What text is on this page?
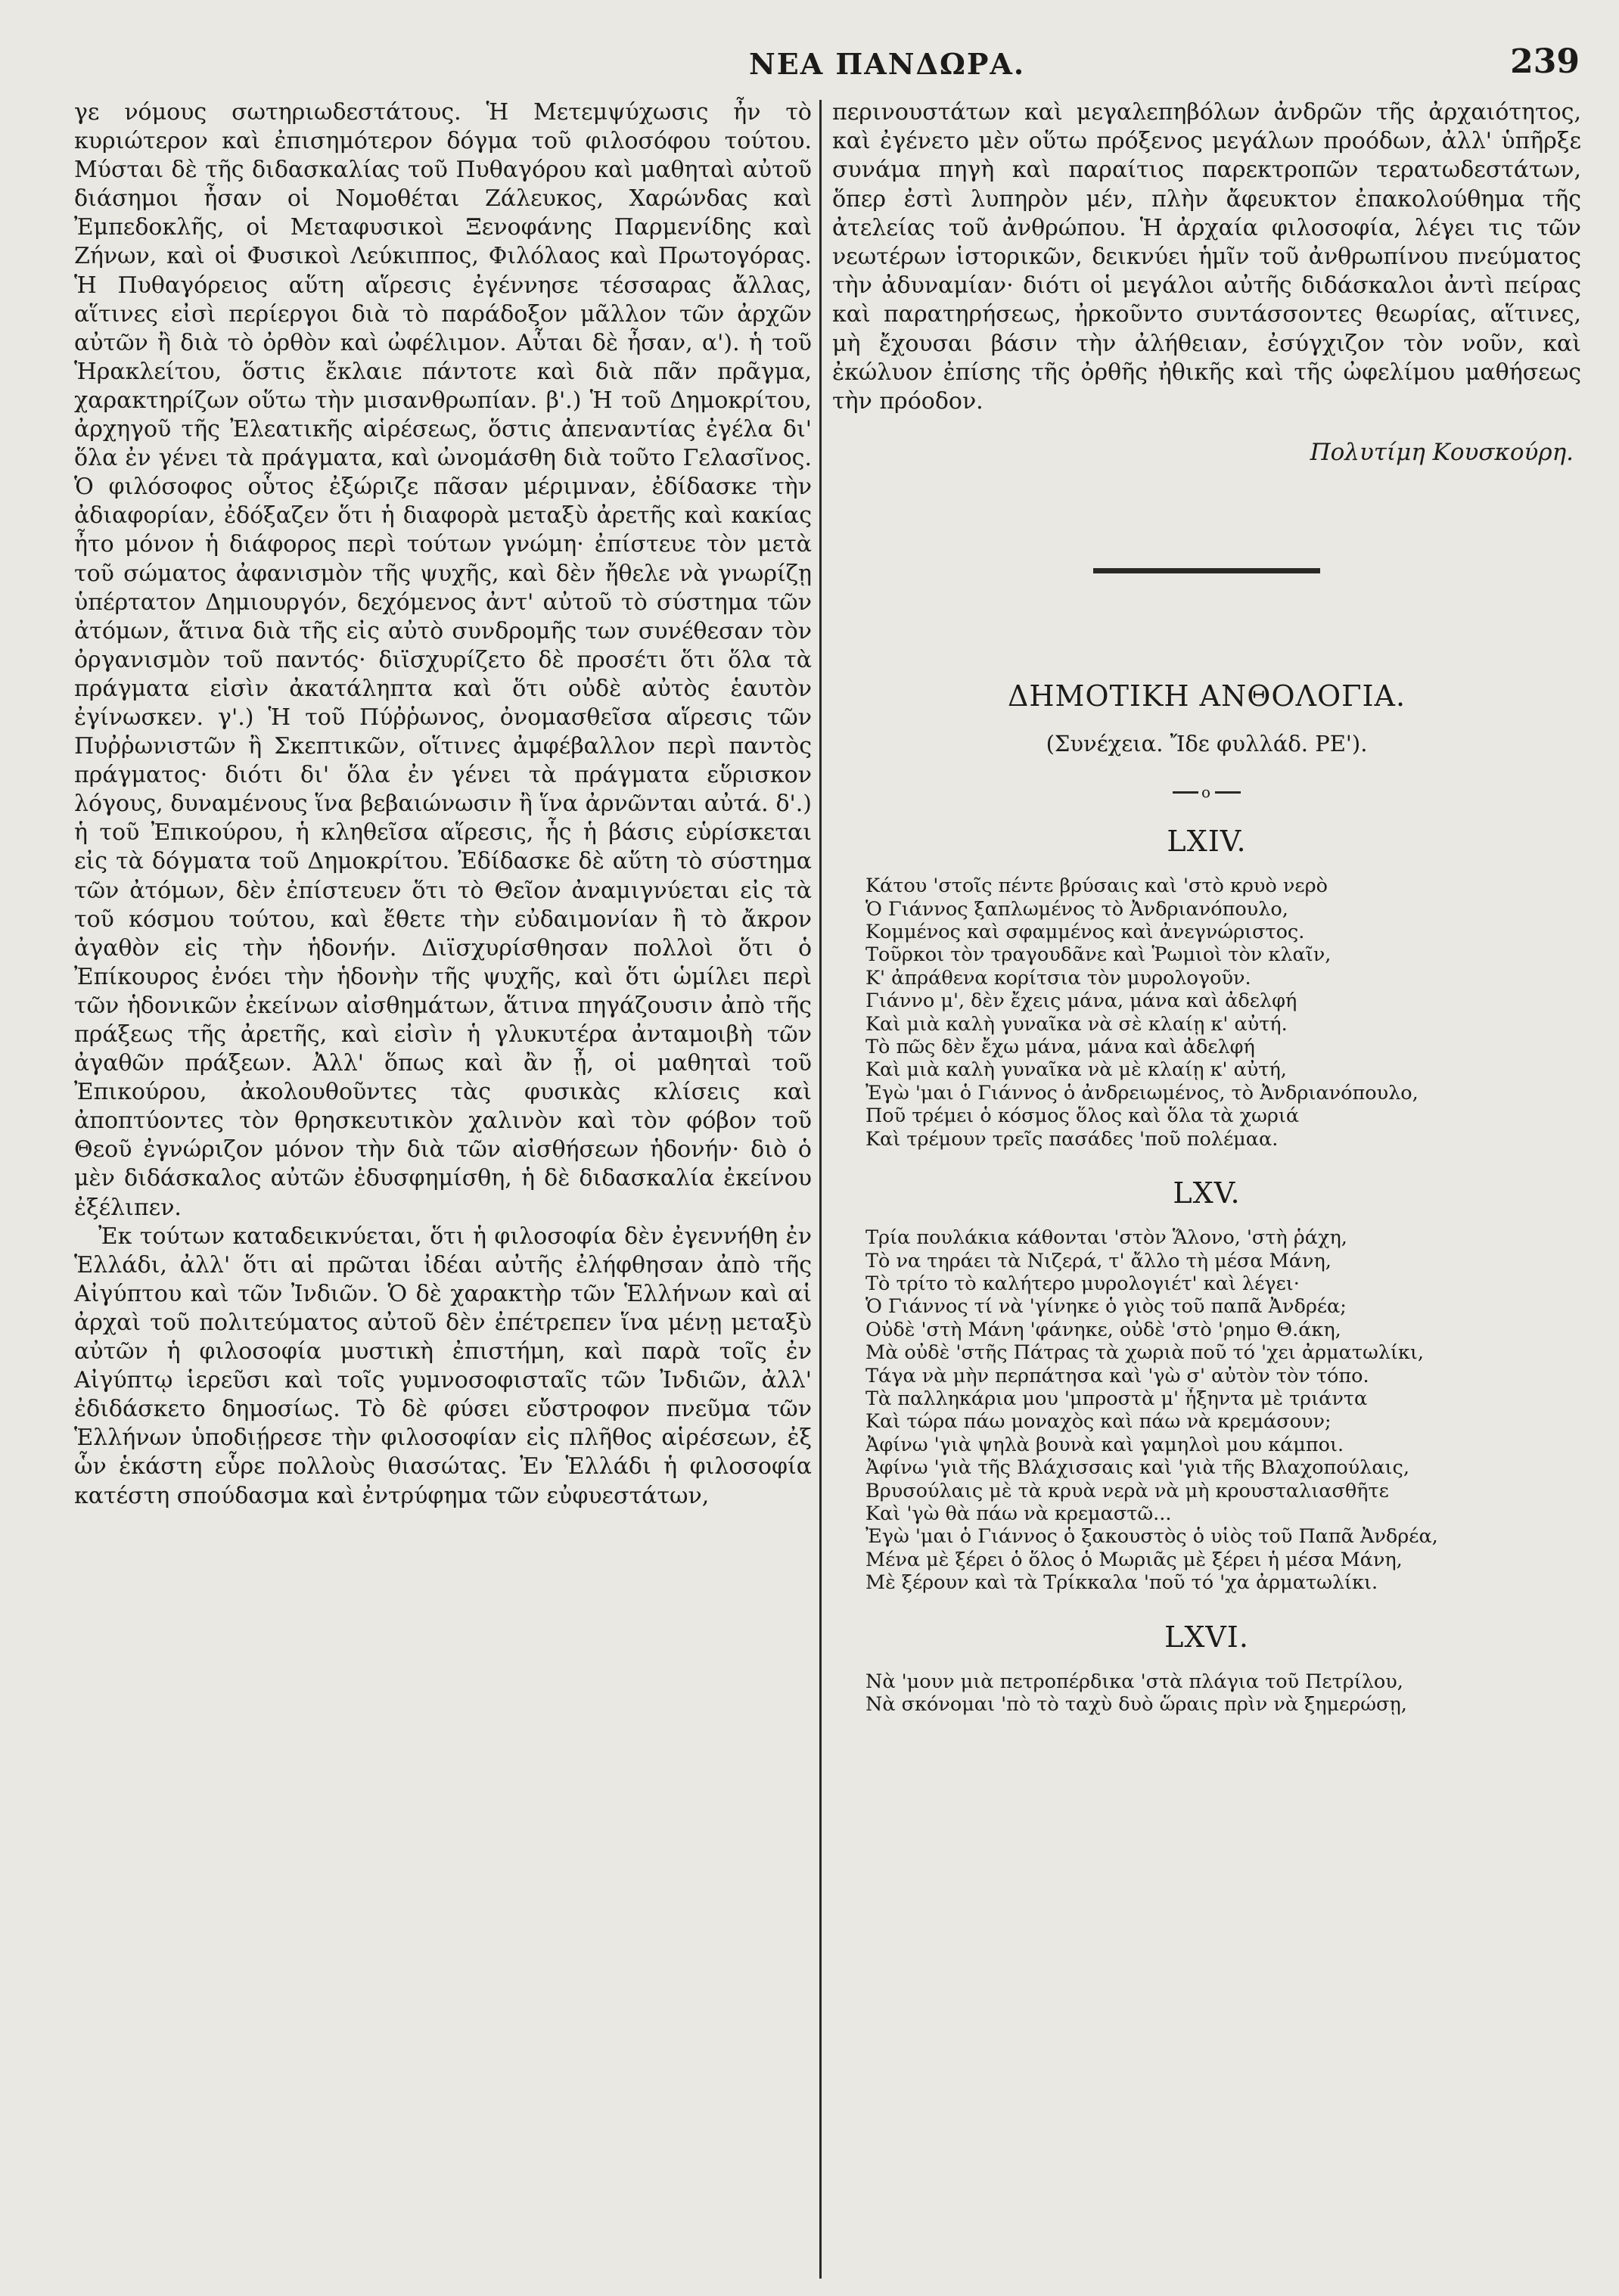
ΝΕΑ ΠΑΝΔΩΡΑ.	239

γε νόμους σωτηριωδεστάτους. Ἡ Μετεμψύχωσις ἦν τὸ κυριώτερον καὶ ἐπισημότερον δόγμα τοῦ φιλοσόφου τούτου. Μύσται δὲ τῆς διδασκαλίας τοῦ Πυθαγόρου καὶ μαθηταὶ αὐτοῦ διάσημοι ἦσαν οἱ Νομοθέται Ζάλευκος, Χαρώνδας καὶ Ἐμπεδοκλῆς, οἱ Μεταφυσικοὶ Ξενοφάνης Παρμενίδης καὶ Ζήνων, καὶ οἱ Φυσικοὶ Λεύκιππος, Φιλόλαος καὶ Πρωτογόρας. Ἡ Πυθαγόρειος αὕτη αἵρεσις ἐγέννησε τέσσαρας ἄλλας, αἵτινες εἰσὶ περίεργοι διὰ τὸ παράδοξον μᾶλλον τῶν ἀρχῶν αὐτῶν ἢ διὰ τὸ ὀρθὸν καὶ ὠφέλιμον. Αὗται δὲ ἦσαν, α'). ἡ τοῦ Ἡρακλείτου, ὅστις ἔκλαιε πάντοτε καὶ διὰ πᾶν πρᾶγμα, χαρακτηρίζων οὕτω τὴν μισανθρωπίαν. β'.) Ἡ τοῦ Δημοκρίτου, ἀρχηγοῦ τῆς Ἐλεατικῆς αἱρέσεως, ὅστις ἀπεναντίας ἐγέλα δι' ὅλα ἐν γένει τὰ πράγματα, καὶ ὠνομάσθη διὰ τοῦτο Γελασῖνος. Ὁ φιλόσοφος οὗτος ἐξώριζε πᾶσαν μέριμναν, ἐδίδασκε τὴν ἀδιαφορίαν, ἐδόξαζεν ὅτι ἡ διαφορὰ μεταξὺ ἀρετῆς καὶ κακίας ἦτο μόνον ἡ διάφορος περὶ τούτων γνώμη· ἐπίστευε τὸν μετὰ τοῦ σώματος ἀφανισμὸν τῆς ψυχῆς, καὶ δὲν ἤθελε νὰ γνωρίζῃ ὑπέρτατον Δημιουργόν, δεχόμενος ἀντ' αὐτοῦ τὸ σύστημα τῶν ἀτόμων, ἅτινα διὰ τῆς εἰς αὐτὸ συνδρομῆς των συνέθεσαν τὸν ὀργανισμὸν τοῦ παντός· διϊσχυρίζετο δὲ προσέτι ὅτι ὅλα τὰ πράγματα εἰσὶν ἀκατάληπτα καὶ ὅτι οὐδὲ αὐτὸς ἑαυτὸν ἐγίνωσκεν. γ'.) Ἡ τοῦ Πύῤῥωνος, ὀνομασθεῖσα αἵρεσις τῶν Πυῤῥωνιστῶν ἢ Σκεπτικῶν, οἵτινες ἀμφέβαλλον περὶ παντὸς πράγματος· διότι δι' ὅλα ἐν γένει τὰ πράγματα εὕρισκον λόγους, δυναμένους ἵνα βεβαιώνωσιν ἢ ἵνα ἀρνῶνται αὐτά. δ'.) ἡ τοῦ Ἐπικούρου, ἡ κληθεῖσα αἵρεσις, ἧς ἡ βάσις εὑρίσκεται εἰς τὰ δόγματα τοῦ Δημοκρίτου. Ἐδίδασκε δὲ αὕτη τὸ σύστημα τῶν ἀτόμων, δὲν ἐπίστευεν ὅτι τὸ Θεῖον ἀναμιγνύεται εἰς τὰ τοῦ κόσμου τούτου, καὶ ἔθετε τὴν εὐδαιμονίαν ἢ τὸ ἄκρον ἀγαθὸν εἰς τὴν ἡδονήν. Διϊσχυρίσθησαν πολλοὶ ὅτι ὁ Ἐπίκουρος ἐνόει τὴν ἡδονὴν τῆς ψυχῆς, καὶ ὅτι ὡμίλει περὶ τῶν ἡδονικῶν ἐκείνων αἰσθημάτων, ἅτινα πηγάζουσιν ἀπὸ τῆς πράξεως τῆς ἀρετῆς, καὶ εἰσὶν ἡ γλυκυτέρα ἀνταμοιβὴ τῶν ἀγαθῶν πράξεων. Ἀλλ' ὅπως καὶ ἂν ᾖ, οἱ μαθηταὶ τοῦ Ἐπικούρου, ἀκολουθοῦντες τὰς φυσικὰς κλίσεις καὶ ἀποπτύοντες τὸν θρησκευτικὸν χαλινὸν καὶ τὸν φόβον τοῦ Θεοῦ ἐγνώριζον μόνον τὴν διὰ τῶν αἰσθήσεων ἡδονήν· διὸ ὁ μὲν διδάσκαλος αὐτῶν ἐδυσφημίσθη, ἡ δὲ διδασκαλία ἐκείνου ἐξέλιπεν.

Ἐκ τούτων καταδεικνύεται, ὅτι ἡ φιλοσοφία δὲν ἐγεννήθη ἐν Ἑλλάδι, ἀλλ' ὅτι αἱ πρῶται ἰδέαι αὐτῆς ἐλήφθησαν ἀπὸ τῆς Αἰγύπτου καὶ τῶν Ἰνδιῶν. Ὁ δὲ χαρακτὴρ τῶν Ἑλλήνων καὶ αἱ ἀρχαὶ τοῦ πολιτεύματος αὐτοῦ δὲν ἐπέτρεπεν ἵνα μένῃ μεταξὺ αὐτῶν ἡ φιλοσοφία μυστικὴ ἐπιστήμη, καὶ παρὰ τοῖς ἐν Αἰγύπτῳ ἱερεῦσι καὶ τοῖς γυμνοσοφισταῖς τῶν Ἰνδιῶν, ἀλλ' ἐδιδάσκετο δημοσίως. Τὸ δὲ φύσει εὔστροφον πνεῦμα τῶν Ἑλλήνων ὑποδιῄρεσε τὴν φιλοσοφίαν εἰς πλῆθος αἱρέσεων, ἐξ ὧν ἑκάστη εὗρε πολλοὺς θιασώτας. Ἐν Ἑλλάδι ἡ φιλοσοφία κατέστη σπούδασμα καὶ ἐντρύφημα τῶν εὐφυεστάτων,

περινουστάτων καὶ μεγαλεπηβόλων ἀνδρῶν τῆς ἀρχαιότητος, καὶ ἐγένετο μὲν οὕτω πρόξενος μεγάλων προόδων, ἀλλ' ὑπῆρξε συνάμα πηγὴ καὶ παραίτιος παρεκτροπῶν τερατωδεστάτων, ὅπερ ἐστὶ λυπηρὸν μέν, πλὴν ἄφευκτον ἐπακολούθημα τῆς ἀτελείας τοῦ ἀνθρώπου. Ἡ ἀρχαία φιλοσοφία, λέγει τις τῶν νεωτέρων ἱστορικῶν, δεικνύει ἡμῖν τοῦ ἀνθρωπίνου πνεύματος τὴν ἀδυναμίαν· διότι οἱ μεγάλοι αὐτῆς διδάσκαλοι ἀντὶ πείρας καὶ παρατηρήσεως, ἠρκοῦντο συντάσσοντες θεωρίας, αἵτινες, μὴ ἔχουσαι βάσιν τὴν ἀλήθειαν, ἐσύγχιζον τὸν νοῦν, καὶ ἐκώλυον ἐπίσης τῆς ὀρθῆς ἠθικῆς καὶ τῆς ὠφελίμου μαθήσεως τὴν πρόοδον.

Πολυτίμη Κουσκούρη.
ΔΗΜΟΤΙΚΗ ΑΝΘΟΛΟΓΙΑ.
(Συνέχεια. Ἴδε φυλλάδ. ΡΕ').
o
LXIV.
Κάτου 'στοῖς πέντε βρύσαις καὶ 'στὸ κρυὸ νερὸ
Ὁ Γιάννος ξαπλωμένος τὸ Ἀνδριανόπουλο,
Κομμένος καὶ σφαμμένος καὶ ἀνεγνώριστος.
Τοῦρκοι τὸν τραγουδᾶνε καὶ Ῥωμιοὶ τὸν κλαῖν,
Κ' ἀπράθενα κορίτσια τὸν μυρολογοῦν.
Γιάννο μ', δὲν ἔχεις μάνα, μάνα καὶ ἀδελφή
Καὶ μιὰ καλὴ γυναῖκα νὰ σὲ κλαίῃ κ' αὐτή.
Τὸ πῶς δὲν ἔχω μάνα, μάνα καὶ ἀδελφή
Καὶ μιὰ καλὴ γυναῖκα νὰ μὲ κλαίῃ κ' αὐτή,
Ἐγὼ 'μαι ὁ Γιάννος ὁ ἀνδρειωμένος, τὸ Ἀνδριανόπουλο,
Ποῦ τρέμει ὁ κόσμος ὅλος καὶ ὅλα τὰ χωριά
Καὶ τρέμουν τρεῖς πασάδες 'ποῦ πολέμαα.
LXV.
Τρία πουλάκια κάθονται 'στὸν Ἅλονο, 'στὴ ῥάχη,
Τὸ να τηράει τὰ Νιζερά, τ' ἄλλο τὴ μέσα Μάνη,
Τὸ τρίτο τὸ καλήτερο μυρολογιέτ' καὶ λέγει·
Ὁ Γιάννος τί νὰ 'γίνηκε ὁ γιὸς τοῦ παπᾶ Ἀνδρέα;
Οὐδὲ 'στὴ Μάνη 'φάνηκε, οὐδὲ 'στὸ 'ρημο Θ.άκη,
Μὰ οὐδὲ 'στῆς Πάτρας τὰ χωριὰ ποῦ τό 'χει ἀρματωλίκι,
Τάγα νὰ μὴν περπάτησα καὶ 'γὼ σ' αὐτὸν τὸν τόπο.
Τὰ παλληκάρια μου 'μπροστὰ μ' ἦξηντα μὲ τριάντα
Καὶ τώρα πάω μοναχὸς καὶ πάω νὰ κρεμάσουν;
Ἀφίνω 'γιὰ ψηλὰ βουνὰ καὶ γαμηλοὶ μου κάμποι.
Ἀφίνω 'γιὰ τῆς Βλάχισσαις καὶ 'γιὰ τῆς Βλαχοπούλαις,
Βρυσούλαις μὲ τὰ κρυὰ νερὰ νὰ μὴ κρουσταλιασθῆτε
Καὶ 'γὼ θὰ πάω νὰ κρεμαστῶ...
Ἐγὼ 'μαι ὁ Γιάννος ὁ ξακουστὸς ὁ υἱὸς τοῦ Παπᾶ Ἀνδρέα,
Μένα μὲ ξέρει ὁ ὅλος ὁ Μωριᾶς μὲ ξέρει ἡ μέσα Μάνη,
Μὲ ξέρουν καὶ τὰ Τρίκκαλα 'ποῦ τό 'χα ἀρματωλίκι.
LXVI.
Νὰ 'μουν μιὰ πετροπέρδικα 'στὰ πλάγια τοῦ Πετρίλου,
Νὰ σκόνομαι 'πὸ τὸ ταχὺ δυὸ ὥραις πρὶν νὰ ξημερώσῃ,
